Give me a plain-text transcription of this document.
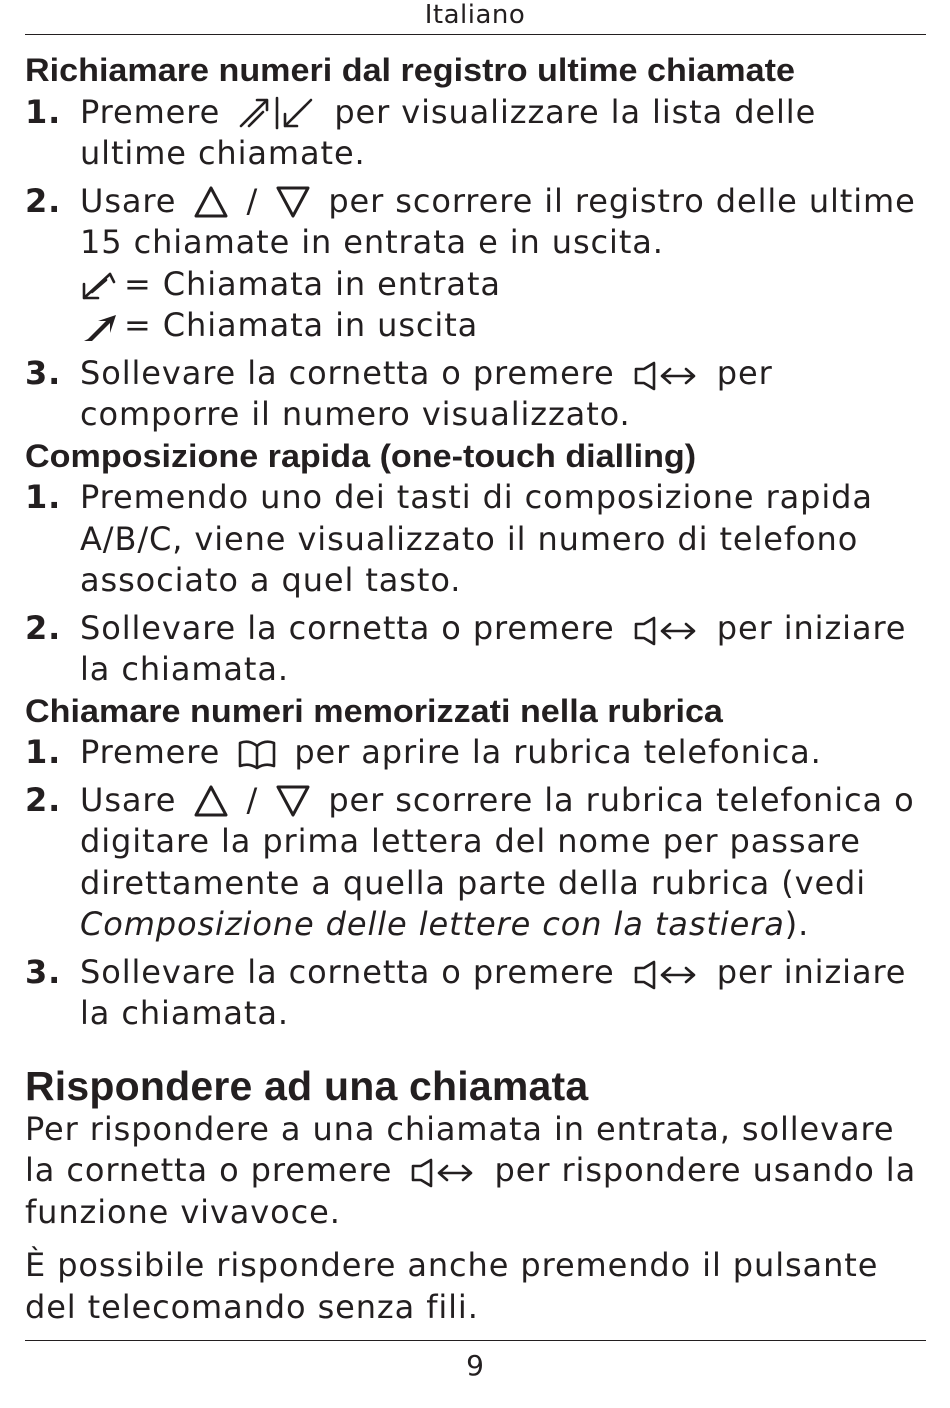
Italiano
Richiamare numeri dal registro ultime chiamate
1. Premere	per visualizzare la lista delle ultime chiamate.
2. Usare / per scorrere il registro delle ultime 15 chiamate in entrata e in uscita.
= Chiamata in entrata
= Chiamata in uscita
3. Sollevare la cornetta o premere	per comporre il numero visualizzato.
Composizione rapida (one-touch dialling)
1. Premendo uno dei tasti di composizione rapida A/B/C, viene visualizzato il numero di telefono associato a quel tasto.
2. Sollevare la cornetta o premere	per iniziare la chiamata.
Chiamare numeri memorizzati nella rubrica
1. Premere per aprire la rubrica telefonica.
2. Usare / per scorrere la rubrica telefonica o digitare la prima lettera del nome per passare direttamente a quella parte della rubrica (vedi Composizione delle lettere con la tastiera).
3. Sollevare la cornetta o premere	per iniziare la chiamata.
Rispondere ad una chiamata

Per rispondere a una chiamata in entrata, sollevare la cornetta o premere	per rispondere usando la funzione vivavoce.

È possibile rispondere anche premendo il pulsante del telecomando senza fili.

9
